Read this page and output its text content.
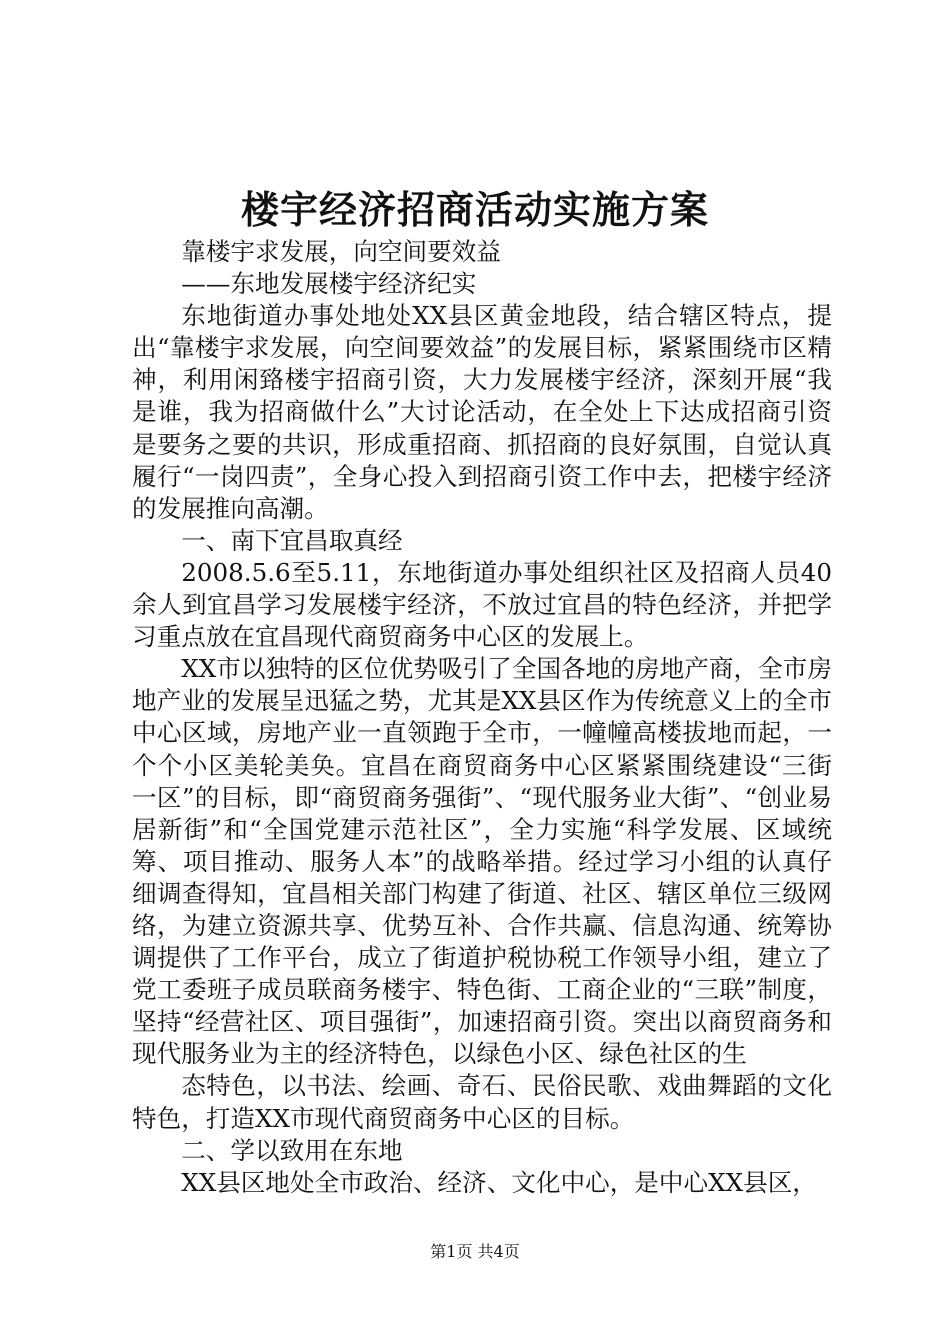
楼宇经济招商活动实施方案

靠楼宇求发展，向空间要效益

——东地发展楼宇经济纪实

东地街道办事处地处XX县区黄金地段，结合辖区特点，提出“靠楼宇求发展，向空间要效益”的发展目标，紧紧围绕市区精神，利用闲臵楼宇招商引资，大力发展楼宇经济，深刻开展“我是谁，我为招商做什么”大讨论活动，在全处上下达成招商引资是要务之要的共识，形成重招商、抓招商的良好氛围，自觉认真履行“一岗四责”，全身心投入到招商引资工作中去，把楼宇经济的发展推向高潮。

一、南下宜昌取真经

2008.5.6至5.11，东地街道办事处组织社区及招商人员40余人到宜昌学习发展楼宇经济，不放过宜昌的特色经济，并把学习重点放在宜昌现代商贸商务中心区的发展上。

XX市以独特的区位优势吸引了全国各地的房地产商，全市房地产业的发展呈迅猛之势，尤其是XX县区作为传统意义上的全市中心区域，房地产业一直领跑于全市，一幢幢高楼拔地而起，一个个小区美轮美奂。宜昌在商贸商务中心区紧紧围绕建设“三街一区”的目标，即“商贸商务强街”、“现代服务业大街”、“创业易居新街”和“全国党建示范社区”，全力实施“科学发展、区域统筹、项目推动、服务人本”的战略举措。经过学习小组的认真仔细调查得知，宜昌相关部门构建了街道、社区、辖区单位三级网络，为建立资源共享、优势互补、合作共赢、信息沟通、统筹协调提供了工作平台，成立了街道护税协税工作领导小组，建立了党工委班子成员联商务楼宇、特色街、工商企业的“三联”制度，坚持“经营社区、项目强街”，加速招商引资。突出以商贸商务和现代服务业为主的经济特色，以绿色小区、绿色社区的生

态特色，以书法、绘画、奇石、民俗民歌、戏曲舞蹈的文化特色，打造XX市现代商贸商务中心区的目标。

二、学以致用在东地

XX县区地处全市政治、经济、文化中心，是中心XX县区，

第1页 共4页
